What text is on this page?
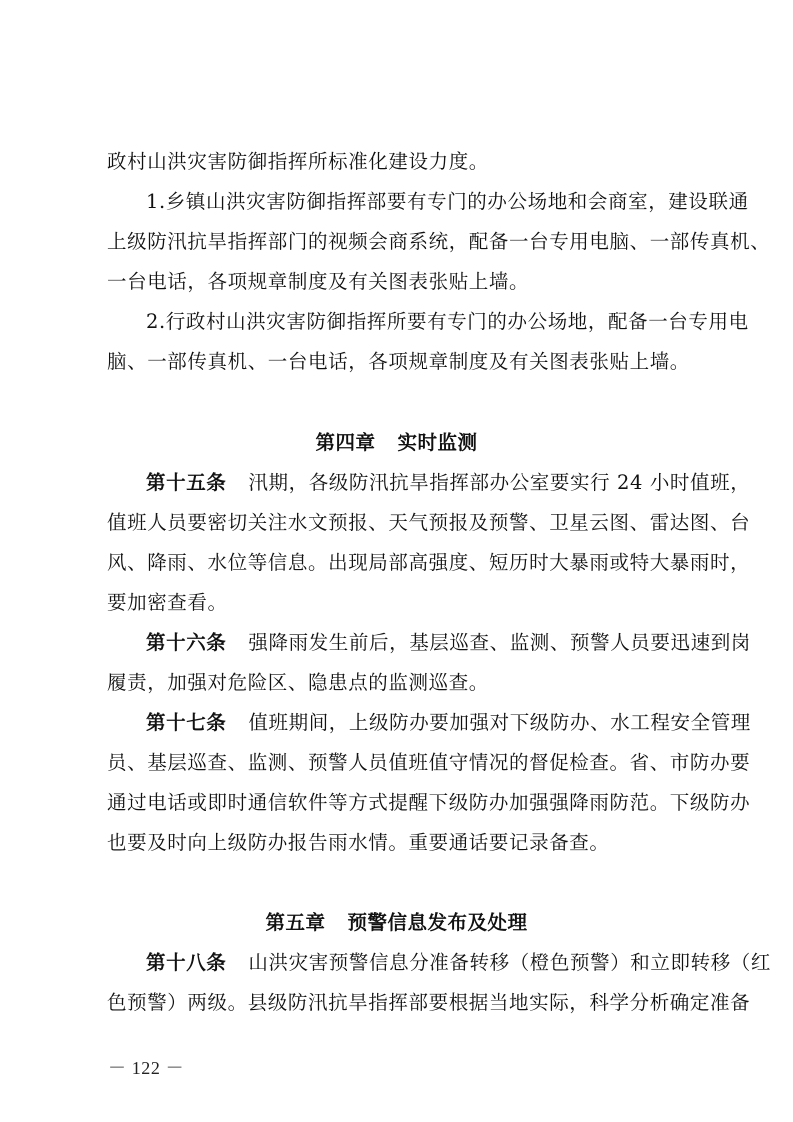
政村山洪灾害防御指挥所标准化建设力度。
1.乡镇山洪灾害防御指挥部要有专门的办公场地和会商室，建设联通
上级防汛抗旱指挥部门的视频会商系统，配备一台专用电脑、一部传真机、
一台电话，各项规章制度及有关图表张贴上墙。
2.行政村山洪灾害防御指挥所要有专门的办公场地，配备一台专用电
脑、一部传真机、一台电话，各项规章制度及有关图表张贴上墙。
第四章 实时监测
第十五条 汛期，各级防汛抗旱指挥部办公室要实行 24 小时值班，
值班人员要密切关注水文预报、天气预报及预警、卫星云图、雷达图、台
风、降雨、水位等信息。出现局部高强度、短历时大暴雨或特大暴雨时，
要加密查看。
第十六条 强降雨发生前后，基层巡查、监测、预警人员要迅速到岗
履责，加强对危险区、隐患点的监测巡查。
第十七条 值班期间，上级防办要加强对下级防办、水工程安全管理
员、基层巡查、监测、预警人员值班值守情况的督促检查。省、市防办要
通过电话或即时通信软件等方式提醒下级防办加强强降雨防范。下级防办
也要及时向上级防办报告雨水情。重要通话要记录备查。
第五章 预警信息发布及处理
第十八条 山洪灾害预警信息分准备转移（橙色预警）和立即转移（红
色预警）两级。县级防汛抗旱指挥部要根据当地实际，科学分析确定准备
－ 122 －
